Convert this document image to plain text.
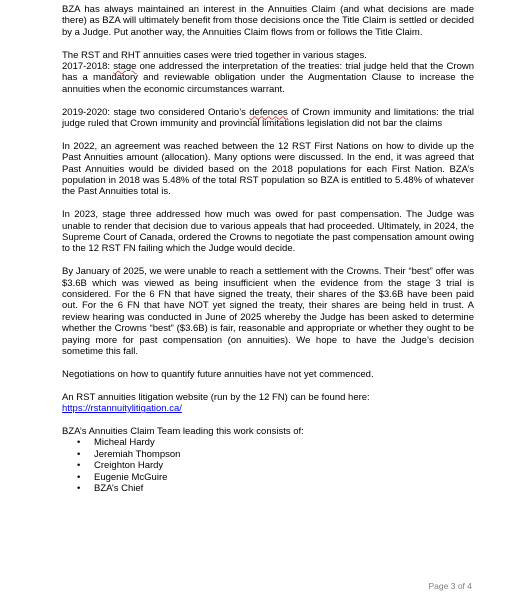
BZA has always maintained an interest in the Annuities Claim (and what decisions are made there) as BZA will ultimately benefit from those decisions once the Title Claim is settled or decided by a Judge. Put another way, the Annuities Claim flows from or follows the Title Claim.

The RST and RHT annuities cases were tried together in various stages.
2017-2018: stage one addressed the interpretation of the treaties: trial judge held that the Crown has a mandatory and reviewable obligation under the Augmentation Clause to increase the annuities when the economic circumstances warrant.

2019-2020: stage two considered Ontario’s defences of Crown immunity and limitations: the trial judge ruled that Crown immunity and provincial limitations legislation did not bar the claims

In 2022, an agreement was reached between the 12 RST First Nations on how to divide up the Past Annuities amount (allocation). Many options were discussed. In the end, it was agreed that Past Annuities would be divided based on the 2018 populations for each First Nation. BZA’s population in 2018 was 5.48% of the total RST population so BZA is entitled to 5.48% of whatever the Past Annuities total is.

In 2023, stage three addressed how much was owed for past compensation. The Judge was unable to render that decision due to various appeals that had proceeded. Ultimately, in 2024, the Supreme Court of Canada, ordered the Crowns to negotiate the past compensation amount owing to the 12 RST FN failing which the Judge would decide.

By January of 2025, we were unable to reach a settlement with the Crowns. Their “best” offer was $3.6B which was viewed as being insufficient when the evidence from the stage 3 trial is considered. For the 6 FN that have signed the treaty, their shares of the $3.6B have been paid out. For the 6 FN that have NOT yet signed the treaty, their shares are being held in trust. A review hearing was conducted in June of 2025 whereby the Judge has been asked to determine whether the Crowns “best” ($3.6B) is fair, reasonable and appropriate or whether they ought to be paying more for past compensation (on annuities). We hope to have the Judge’s decision sometime this fall.

Negotiations on how to quantify future annuities have not yet commenced.

An RST annuities litigation website (run by the 12 FN) can be found here:
https://rstannuitylitigation.ca/

BZA’s Annuities Claim Team leading this work consists of:

• Micheal Hardy
• Jeremiah Thompson
• Creighton Hardy
• Eugenie McGuire
• BZA’s Chief
Page 3 of 4
